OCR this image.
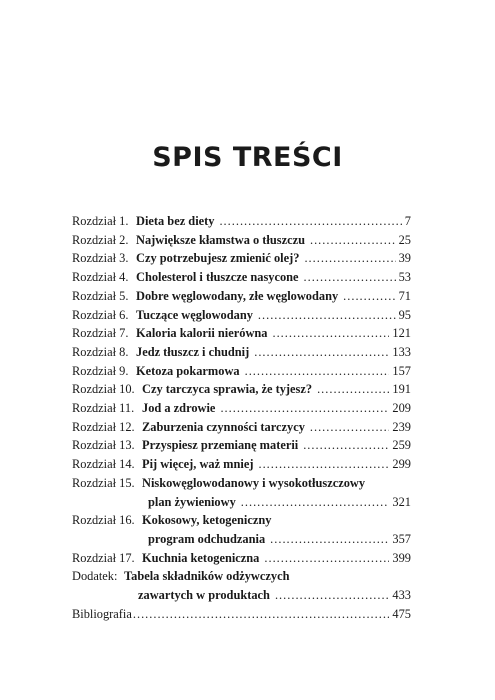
SPIS TREŚCI
Rozdział 1. Dieta bez diety .....	7
Rozdział 2. Największe kłamstwa o tłuszczu .....	25
Rozdział 3. Czy potrzebujesz zmienić olej? .....	39
Rozdział 4. Cholesterol i tłuszcze nasycone .....	53
Rozdział 5. Dobre węglowodany, złe węglowodany .....	71
Rozdział 6. Tuczące węglowodany .....	95
Rozdział 7. Kaloria kalorii nierówna .....	121
Rozdział 8. Jedz tłuszcz i chudnij .....	133
Rozdział 9. Ketoza pokarmowa .....	157
Rozdział 10. Czy tarczyca sprawia, że tyjesz? .....	191
Rozdział 11. Jod a zdrowie .....	209
Rozdział 12. Zaburzenia czynności tarczycy .....	239
Rozdział 13. Przyspiesz przemianę materii .....	259
Rozdział 14. Pij więcej, waż mniej .....	299
Rozdział 15. Niskowęglowodanowy i wysokotłuszczowy
plan żywieniowy .....	321
Rozdział 16. Kokosowy, ketogeniczny
program odchudzania .....	357
Rozdział 17. Kuchnia ketogeniczna .....	399
Dodatek: Tabela składników odżywczych
zawartych w produktach .....	433
Bibliografia .....	475
